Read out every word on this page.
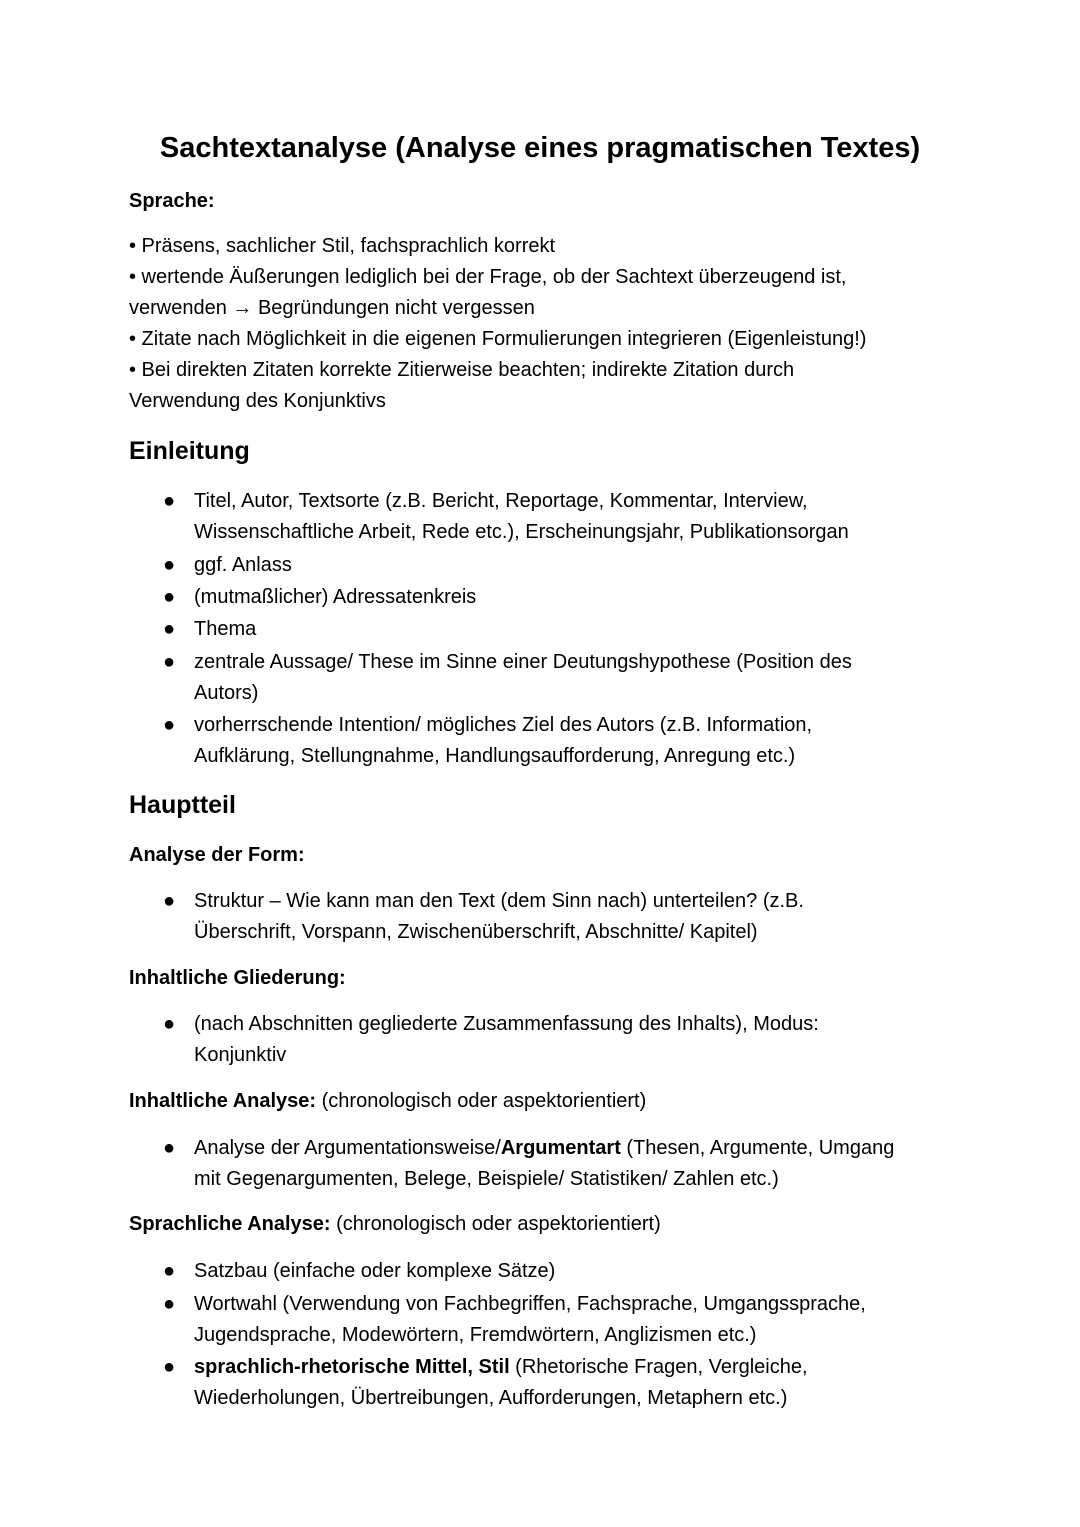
Sachtextanalyse (Analyse eines pragmatischen Textes)
Sprache:
• Präsens, sachlicher Stil, fachsprachlich korrekt
• wertende Äußerungen lediglich bei der Frage, ob der Sachtext überzeugend ist,
verwenden → Begründungen nicht vergessen
• Zitate nach Möglichkeit in die eigenen Formulierungen integrieren (Eigenleistung!)
• Bei direkten Zitaten korrekte Zitierweise beachten; indirekte Zitation durch
Verwendung des Konjunktivs
Einleitung
● Titel, Autor, Textsorte (z.B. Bericht, Reportage, Kommentar, Interview,
Wissenschaftliche Arbeit, Rede etc.), Erscheinungsjahr, Publikationsorgan
● ggf. Anlass
● (mutmaßlicher) Adressatenkreis
● Thema
● zentrale Aussage/ These im Sinne einer Deutungshypothese (Position des
Autors)
● vorherrschende Intention/ mögliches Ziel des Autors (z.B. Information,
Aufklärung, Stellungnahme, Handlungsaufforderung, Anregung etc.)
Hauptteil
Analyse der Form:
● Struktur – Wie kann man den Text (dem Sinn nach) unterteilen? (z.B.
Überschrift, Vorspann, Zwischenüberschrift, Abschnitte/ Kapitel)
Inhaltliche Gliederung:
● (nach Abschnitten gegliederte Zusammenfassung des Inhalts), Modus:
Konjunktiv
Inhaltliche Analyse: (chronologisch oder aspektorientiert)
● Analyse der Argumentationsweise/Argumentart (Thesen, Argumente, Umgang
mit Gegenargumenten, Belege, Beispiele/ Statistiken/ Zahlen etc.)
Sprachliche Analyse: (chronologisch oder aspektorientiert)
● Satzbau (einfache oder komplexe Sätze)
● Wortwahl (Verwendung von Fachbegriffen, Fachsprache, Umgangssprache,
Jugendsprache, Modewörtern, Fremdwörtern, Anglizismen etc.)
● sprachlich-rhetorische Mittel, Stil (Rhetorische Fragen, Vergleiche,
Wiederholungen, Übertreibungen, Aufforderungen, Metaphern etc.)
